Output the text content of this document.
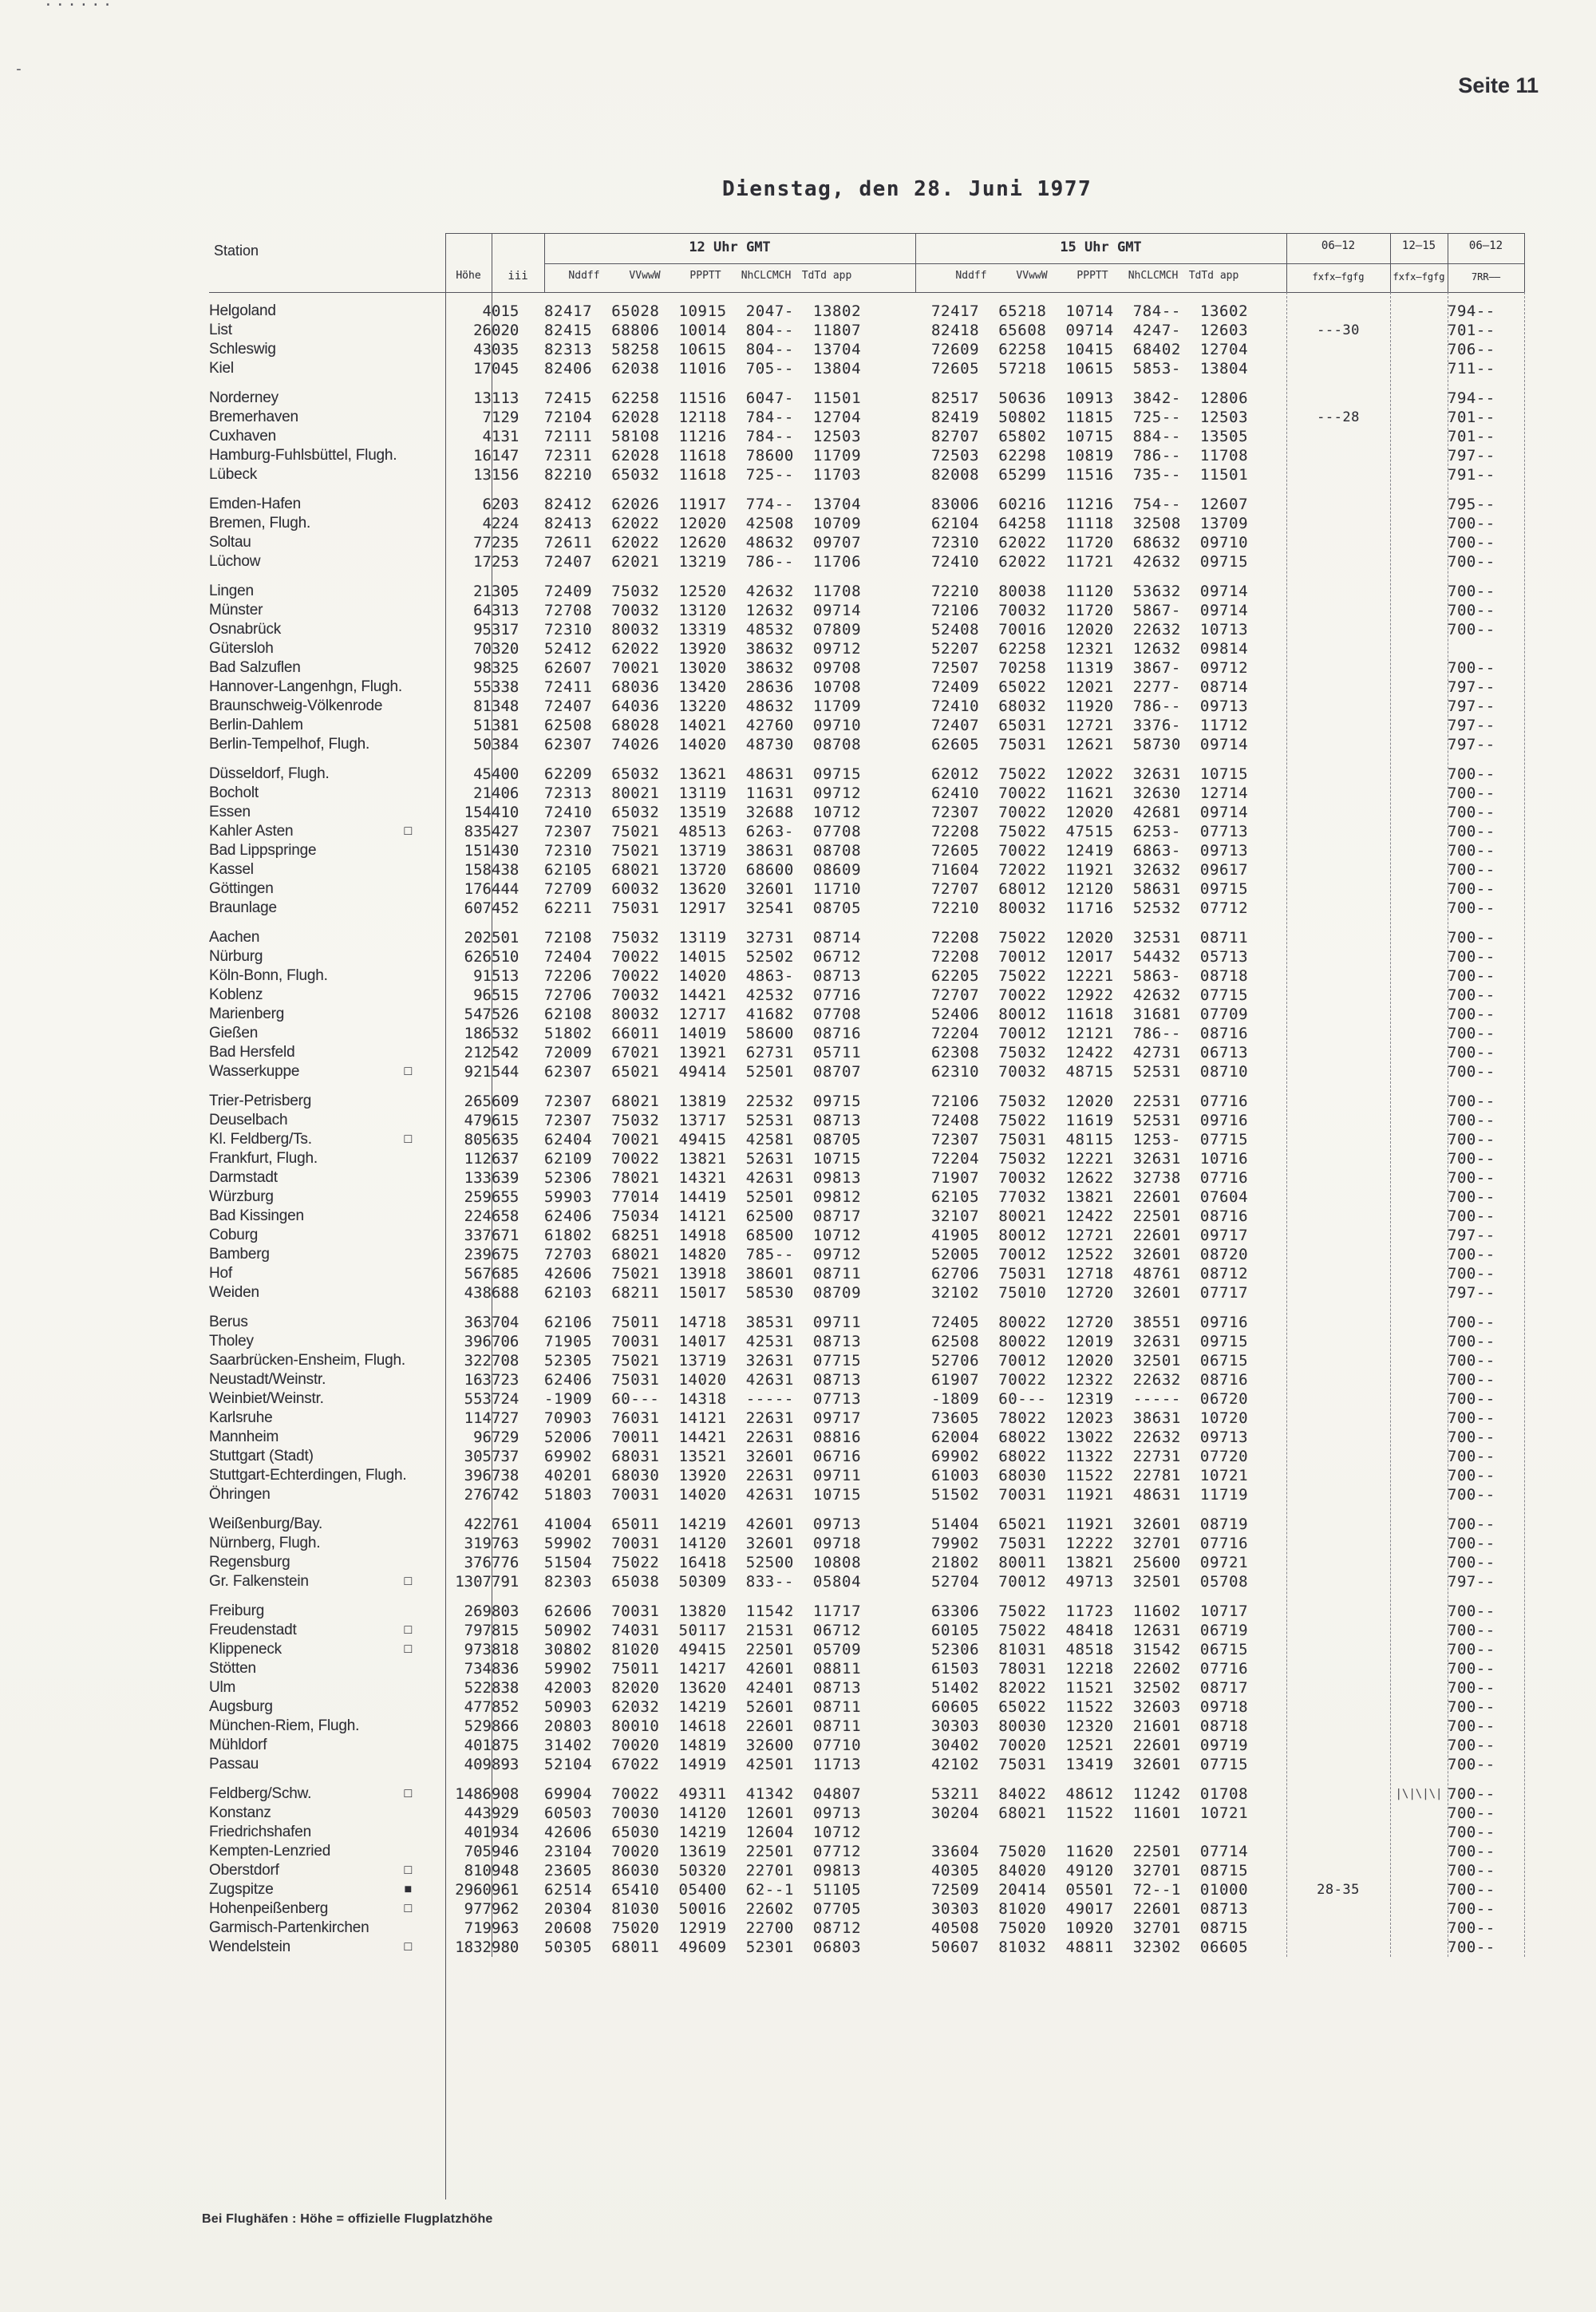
-
······
Seite 11
Dienstag, den 28. Juni 1977
Station
Höhe	iii
12 Uhr GMT	15 Uhr GMT
Nddff	VVwwW	PPPTT	NhCLCMCH	TdTd app	Nddff	VVwwW	PPPTT	NhCLCMCH	TdTd app
06–12	12–15	06–12
fxfx–fgfg	fxfx–fgfg	7RR––
Helgoland	4	015	82417 65028 10915 2047- 13802		72417 65218 10714 784-- 13602			794--
List	26	020	82415 68806 10014 804-- 11807		82418 65608 09714 4247- 12603	---30		701--
Schleswig	43	035	82313 58258 10615 804-- 13704		72609 62258 10415 68402 12704			706--
Kiel	17	045	82406 62038 11016 705-- 13804		72605 57218 10615 5853- 13804			711--

Norderney	13	113	72415 62258 11516 6047- 11501		82517 50636 10913 3842- 12806			794--
Bremerhaven	7	129	72104 62028 12118 784-- 12704		82419 50802 11815 725-- 12503	---28		701--
Cuxhaven	4	131	72111 58108 11216 784-- 12503		82707 65802 10715 884-- 13505			701--
Hamburg-Fuhlsbüttel, Flugh.	16	147	72311 62028 11618 78600 11709		72503 62298 10819 786-- 11708			797--
Lübeck	13	156	82210 65032 11618 725-- 11703		82008 65299 11516 735-- 11501			791--

Emden-Hafen	6	203	82412 62026 11917 774-- 13704		83006 60216 11216 754-- 12607			795--
Bremen, Flugh.	4	224	82413 62022 12020 42508 10709		62104 64258 11118 32508 13709			700--
Soltau	77	235	72611 62022 12620 48632 09707		72310 62022 11720 68632 09710			700--
Lüchow	17	253	72407 62021 13219 786-- 11706		72410 62022 11721 42632 09715			700--

Lingen	21	305	72409 75032 12520 42632 11708		72210 80038 11120 53632 09714			700--
Münster	64	313	72708 70032 13120 12632 09714		72106 70032 11720 5867- 09714			700--
Osnabrück	95	317	72310 80032 13319 48532 07809		52408 70016 12020 22632 10713			700--
Gütersloh	70	320	52412 62022 13920 38632 09712		52207 62258 12321 12632 09814			
Bad Salzuflen	98	325	62607 70021 13020 38632 09708		72507 70258 11319 3867- 09712			700--
Hannover-Langenhgn, Flugh.	55	338	72411 68036 13420 28636 10708		72409 65022 12021 2277- 08714			797--
Braunschweig-Völkenrode	81	348	72407 64036 13220 48632 11709		72410 68032 11920 786-- 09713			797--
Berlin-Dahlem	51	381	62508 68028 14021 42760 09710		72407 65031 12721 3376- 11712			797--
Berlin-Tempelhof, Flugh.	50	384	62307 74026 14020 48730 08708		62605 75031 12621 58730 09714			797--

Düsseldorf, Flugh.	45	400	62209 65032 13621 48631 09715		62012 75022 12022 32631 10715			700--
Bocholt	21	406	72313 80021 13119 11631 09712		62410 70022 11621 32630 12714			700--
Essen	154	410	72410 65032 13519 32688 10712		72307 70022 12020 42681 09714			700--

□
Kahler Asten	835	427	72307 75021 48513 6263- 07708		72208 75022 47515 6253- 07713			700--
Bad Lippspringe	151	430	72310 75021 13719 38631 08708		72605 70022 12419 6863- 09713			700--
Kassel	158	438	62105 68021 13720 68600 08609		71604 72022 11921 32632 09617			700--
Göttingen	176	444	72709 60032 13620 32601 11710		72707 68012 12120 58631 09715			700--
Braunlage	607	452	62211 75031 12917 32541 08705		72210 80032 11716 52532 07712			700--

Aachen	202	501	72108 75032 13119 32731 08714		72208 75022 12020 32531 08711			700--
Nürburg	626	510	72404 70022 14015 52502 06712		72208 70012 12017 54432 05713			700--
Köln-Bonn, Flugh.	91	513	72206 70022 14020 4863- 08713		62205 75022 12221 5863- 08718			700--
Koblenz	96	515	72706 70032 14421 42532 07716		72707 70022 12922 42632 07715			700--
Marienberg	547	526	62108 80032 12717 41682 07708		52406 80012 11618 31681 07709			700--
Gießen	186	532	51802 66011 14019 58600 08716		72204 70012 12121 786-- 08716			700--
Bad Hersfeld	212	542	72009 67021 13921 62731 05711		62308 75032 12422 42731 06713			700--

□
Wasserkuppe	921	544	62307 65021 49414 52501 08707		62310 70032 48715 52531 08710			700--

Trier-Petrisberg	265	609	72307 68021 13819 22532 09715		72106 75032 12020 22531 07716			700--
Deuselbach	479	615	72307 75032 13717 52531 08713		72408 75022 11619 52531 09716			700--

□
Kl. Feldberg/Ts.	805	635	62404 70021 49415 42581 08705		72307 75031 48115 1253- 07715			700--
Frankfurt, Flugh.	112	637	62109 70022 13821 52631 10715		72204 75032 12221 32631 10716			700--
Darmstadt	133	639	52306 78021 14321 42631 09813		71907 70032 12622 32738 07716			700--
Würzburg	259	655	59903 77014 14419 52501 09812		62105 77032 13821 22601 07604			700--
Bad Kissingen	224	658	62406 75034 14121 62500 08717		32107 80021 12422 22501 08716			700--
Coburg	337	671	61802 68251 14918 68500 10712		41905 80012 12721 22601 09717			797--
Bamberg	239	675	72703 68021 14820 785-- 09712		52005 70012 12522 32601 08720			700--
Hof	567	685	42606 75021 13918 38601 08711		62706 75031 12718 48761 08712			700--
Weiden	438	688	62103 68211 15017 58530 08709		32102 75010 12720 32601 07717			797--

Berus	363	704	62106 75011 14718 38531 09711		72405 80022 12720 38551 09716			700--
Tholey	396	706	71905 70031 14017 42531 08713		62508 80022 12019 32631 09715			700--
Saarbrücken-Ensheim, Flugh.	322	708	52305 75021 13719 32631 07715		52706 70012 12020 32501 06715			700--
Neustadt/Weinstr.	163	723	62406 75031 14020 42631 08713		61907 70022 12322 22632 08716			700--
Weinbiet/Weinstr.	553	724	-1909 60--- 14318 ----- 07713		-1809 60--- 12319 ----- 06720			700--
Karlsruhe	114	727	70903 76031 14121 22631 09717		73605 78022 12023 38631 10720			700--
Mannheim	96	729	52006 70011 14421 22631 08816		62004 68022 13022 22632 09713			700--
Stuttgart (Stadt)	305	737	69902 68031 13521 32601 06716		69902 68022 11322 22731 07720			700--
Stuttgart-Echterdingen, Flugh.	396	738	40201 68030 13920 22631 09711		61003 68030 11522 22781 10721			700--
Öhringen	276	742	51803 70031 14020 42631 10715		51502 70031 11921 48631 11719			700--

Weißenburg/Bay.	422	761	41004 65011 14219 42601 09713		51404 65021 11921 32601 08719			700--
Nürnberg, Flugh.	319	763	59902 70031 14120 32601 09718		79902 75031 12222 32701 07716			700--
Regensburg	376	776	51504 75022 16418 52500 10808		21802 80011 13821 25600 09721			700--

□
Gr. Falkenstein	1307	791	82303 65038 50309 833-- 05804		52704 70012 49713 32501 05708			797--

Freiburg	269	803	62606 70031 13820 11542 11717		63306 75022 11723 11602 10717			700--

□
Freudenstadt	797	815	50902 74031 50117 21531 06712		60105 75022 48418 12631 06719			700--

□
Klippeneck	973	818	30802 81020 49415 22501 05709		52306 81031 48518 31542 06715			700--
Stötten	734	836	59902 75011 14217 42601 08811		61503 78031 12218 22602 07716			700--
Ulm	522	838	42003 82020 13620 42401 08713		51402 82022 11521 32502 08717			700--
Augsburg	477	852	50903 62032 14219 52601 08711		60605 65022 11522 32603 09718			700--
München-Riem, Flugh.	529	866	20803 80010 14618 22601 08711		30303 80030 12320 21601 08718			700--
Mühldorf	401	875	31402 70020 14819 32600 07710		30402 70020 12521 22601 09719			700--
Passau	409	893	52104 67022 14919 42501 11713		42102 75031 13419 32601 07715			700--

□
Feldberg/Schw.	1486	908	69904 70022 49311 41342 04807		53211 84022 48612 11242 01708		|\|\|\|	700--
Konstanz	443	929	60503 70030 14120 12601 09713		30204 68021 11522 11601 10721			700--
Friedrichshafen	401	934	42606 65030 14219 12604 10712					700--
Kempten-Lenzried	705	946	23104 70020 13619 22501 07712		33604 75020 11620 22501 07714			700--

□
Oberstdorf	810	948	23605 86030 50320 22701 09813		40305 84020 49120 32701 08715			700--

■
Zugspitze	2960	961	62514 65410 05400 62--1 51105		72509 20414 05501 72--1 01000	28-35		700--

□
Hohenpeißenberg	977	962	20304 81030 50016 22602 07705		30303 81020 49017 22601 08713			700--
Garmisch-Partenkirchen	719	963	20608 75020 12919 22700 08712		40508 75020 10920 32701 08715			700--

□
Wendelstein	1832	980	50305 68011 49609 52301 06803		50607 81032 48811 32302 06605			700--
Bei Flughäfen : Höhe = offizielle Flugplatzhöhe
